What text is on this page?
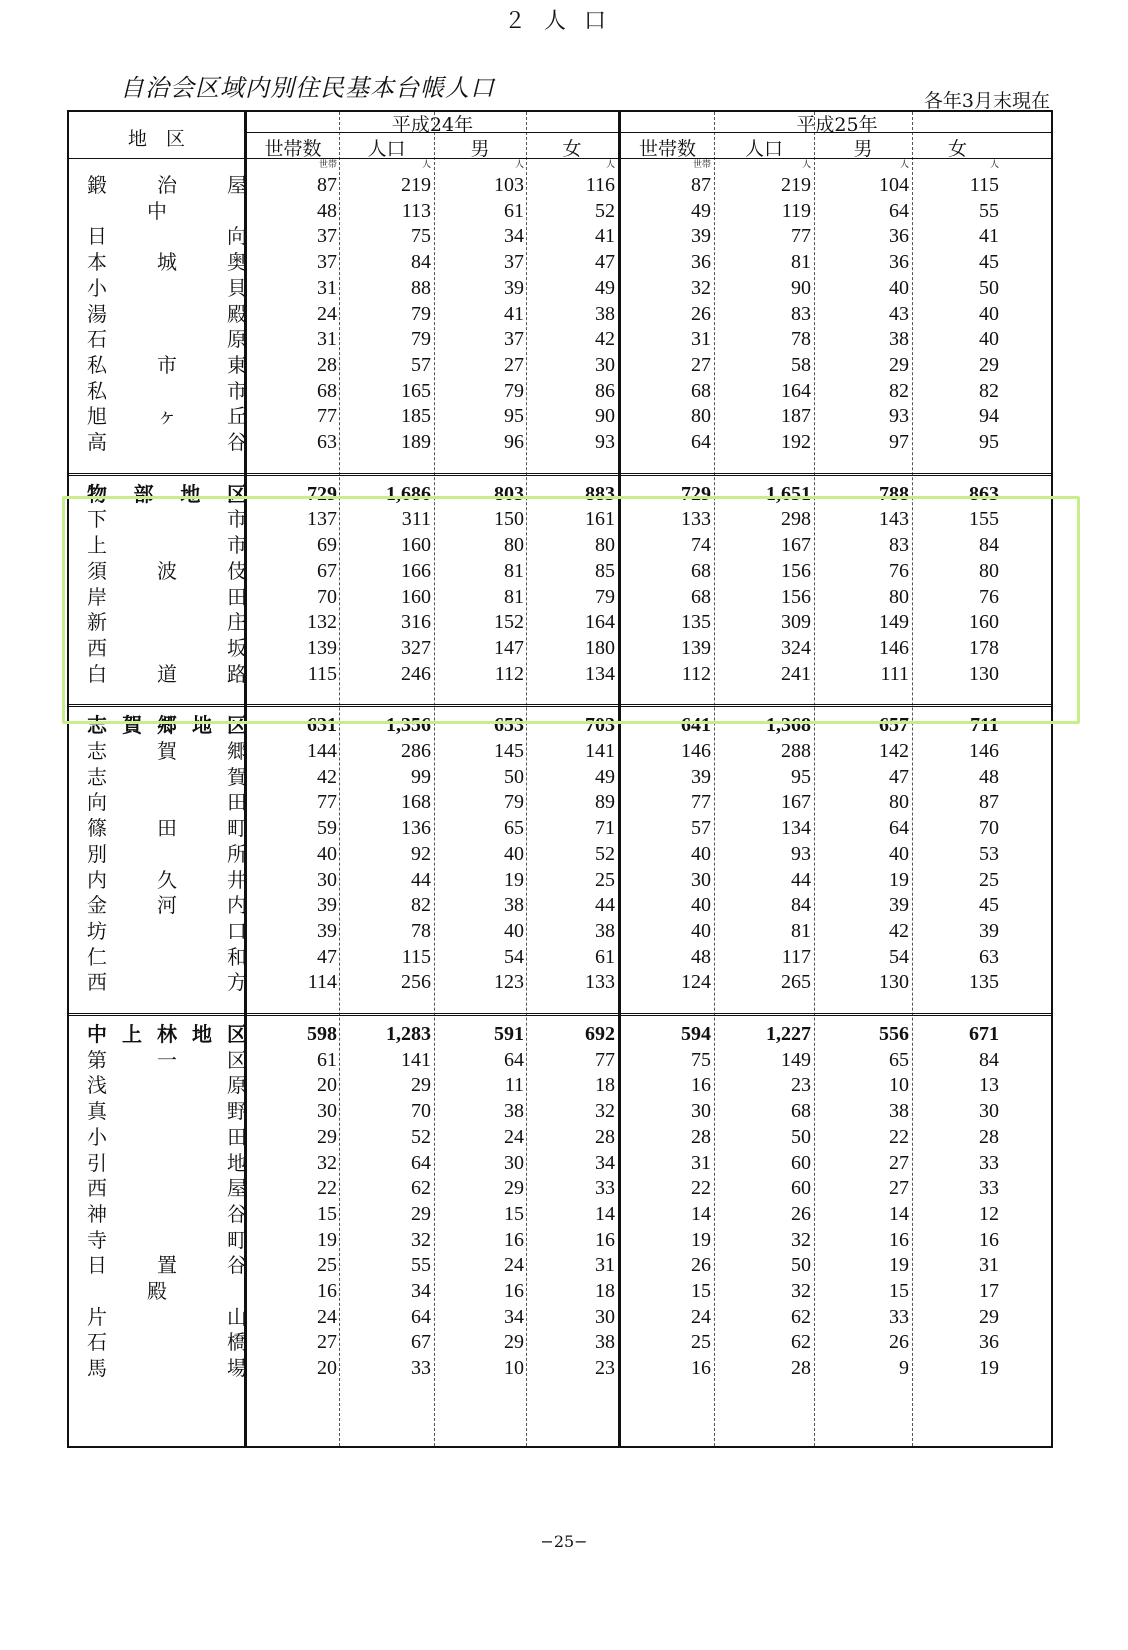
２人口
自治会区域内別住民基本台帳人口	各年3月末現在
地　区
平成24年	平成25年
世帯数	人口	男	女	世帯数	人口	男	女
世帯	人	人	人	世帯	人	人	人
鍛	治	屋	87	219	103	116	87	219	104	115
中	48	113	61	52	49	119	64	55
日	向	37	75	34	41	39	77	36	41
本	城	奥	37	84	37	47	36	81	36	45
小	貝	31	88	39	49	32	90	40	50
湯	殿	24	79	41	38	26	83	43	40
石	原	31	79	37	42	31	78	38	40
私	市	東	28	57	27	30	27	58	29	29
私	市	68	165	79	86	68	164	82	82
旭	ヶ	丘	77	185	95	90	80	187	93	94
高	谷	63	189	96	93	64	192	97	95
物 部 地 区	729	1,686	803	883	729	1,651	788	863
下	市	137	311	150	161	133	298	143	155
上	市	69	160	80	80	74	167	83	84
須	波	伎	67	166	81	85	68	156	76	80
岸	田	70	160	81	79	68	156	80	76
新	庄	132	316	152	164	135	309	149	160
西	坂	139	327	147	180	139	324	146	178
白	道	路	115	246	112	134	112	241	111	130
志 賀 郷 地 区	631	1,356	653	703	641	1,368	657	711
志	賀	郷	144	286	145	141	146	288	142	146
志	賀	42	99	50	49	39	95	47	48
向	田	77	168	79	89	77	167	80	87
篠	田	町	59	136	65	71	57	134	64	70
別	所	40	92	40	52	40	93	40	53
内	久	井	30	44	19	25	30	44	19	25
金	河	内	39	82	38	44	40	84	39	45
坊	口	39	78	40	38	40	81	42	39
仁	和	47	115	54	61	48	117	54	63
西	方	114	256	123	133	124	265	130	135
中 上 林 地 区	598	1,283	591	692	594	1,227	556	671
第	一	区	61	141	64	77	75	149	65	84
浅	原	20	29	11	18	16	23	10	13
真	野	30	70	38	32	30	68	38	30
小	田	29	52	24	28	28	50	22	28
引	地	32	64	30	34	31	60	27	33
西	屋	22	62	29	33	22	60	27	33
神	谷	15	29	15	14	14	26	14	12
寺	町	19	32	16	16	19	32	16	16
日	置	谷	25	55	24	31	26	50	19	31
殿	16	34	16	18	15	32	15	17
片	山	24	64	34	30	24	62	33	29
石	橋	27	67	29	38	25	62	26	36
馬	場	20	33	10	23	16	28	9	19
−25−
